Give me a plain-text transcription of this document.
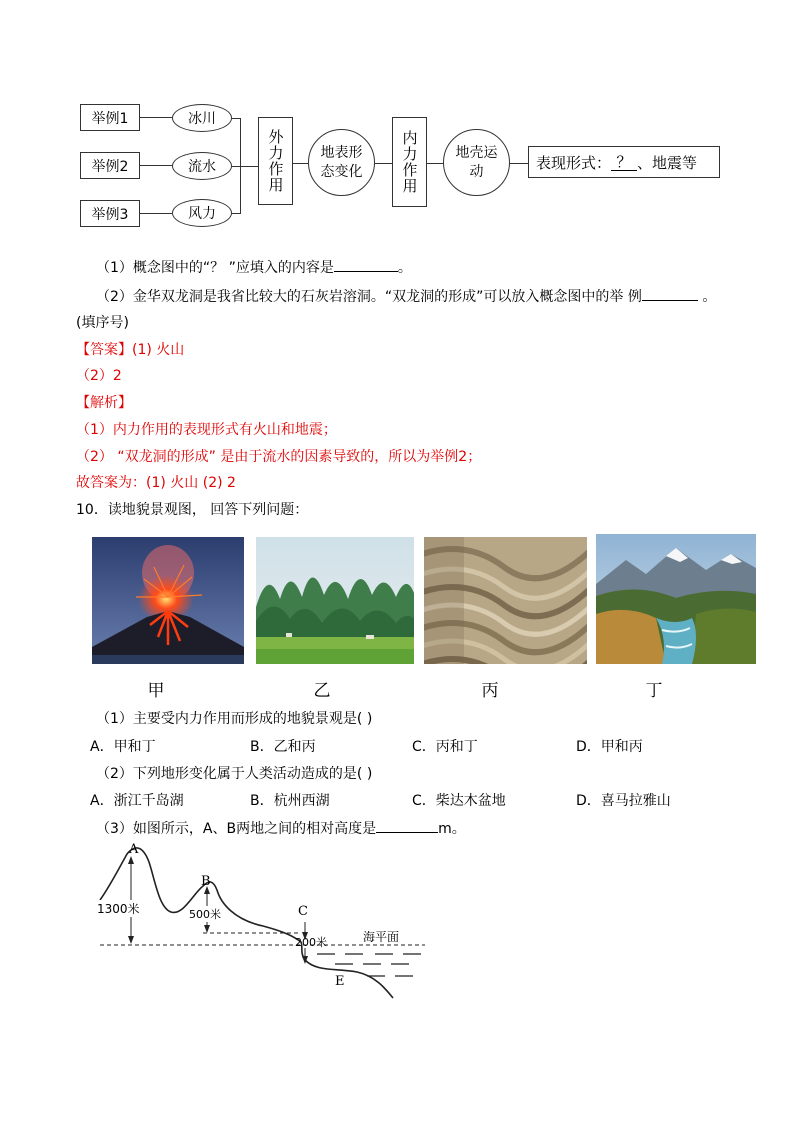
举例1
举例2
举例3
冰川
流水
风力
外力作用	地表形态变化	内力作用	地壳运动	表现形式： ？ 、地震等
（1）概念图中的“？ ”应填入的内容是	。
（2）金华双龙洞是我省比较大的石灰岩溶洞。“双龙洞的形成”可以放入概念图中的举 例	。
(填序号)
【答案】(1) 火山
（2）2
【解析】
（1）内力作用的表现形式有火山和地震；
（2） “双龙洞的形成” 是由于流水的因素导致的，所以为举例2；
故答案为：(1) 火山 (2) 2
10．读地貌景观图， 回答下列问题：
甲	乙	丙	丁
（1）主要受内力作用而形成的地貌景观是( )
A．甲和丁	B．乙和丙	C．丙和丁	D．甲和丙
（2）下列地形变化属于人类活动造成的是( )
A．浙江千岛湖	B．杭州西湖	C．柴达木盆地	D．喜马拉雅山
（3）如图所示，A、B两地之间的相对高度是	m。
A
B
C
E
1300米	500米
200米	海平面
